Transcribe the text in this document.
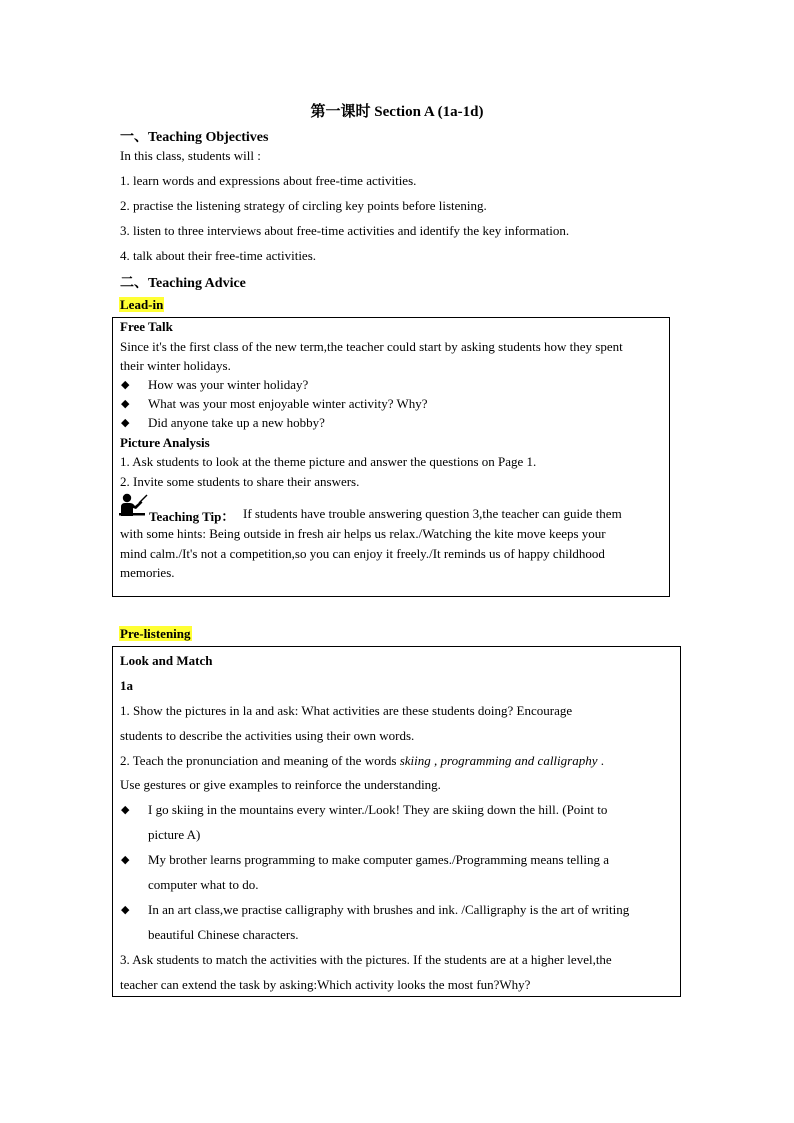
第一课时 Section A (1a-1d)
一、Teaching Objectives
In this class, students will :
1. learn words and expressions about free-time activities.
2. practise the listening strategy of circling key points before listening.
3. listen to three interviews about free-time activities and identify the key information.
4. talk about their free-time activities.
二、Teaching Advice
Lead-in
Free Talk
Since it's the first class of the new term,the teacher could start by asking students how they spent
their winter holidays.
◆ How was your winter holiday?
◆ What was your most enjoyable winter activity? Why?
◆ Did anyone take up a new hobby?
Picture Analysis
1. Ask students to look at the theme picture and answer the questions on Page 1.
2. Invite some students to share their answers.
Teaching Tip： If students have trouble answering question 3,the teacher can guide them
with some hints: Being outside in fresh air helps us relax./Watching the kite move keeps your
mind calm./It's not a competition,so you can enjoy it freely./It reminds us of happy childhood
memories.
Pre-listening
Look and Match
1a
1. Show the pictures in la and ask: What activities are these students doing? Encourage
students to describe the activities using their own words.
2. Teach the pronunciation and meaning of the words skiing , programming and calligraphy .
Use gestures or give examples to reinforce the understanding.
◆ I go skiing in the mountains every winter./Look! They are skiing down the hill. (Point to
picture A)
◆ My brother learns programming to make computer games./Programming means telling a
computer what to do.
◆ In an art class,we practise calligraphy with brushes and ink. /Calligraphy is the art of writing
beautiful Chinese characters.
3. Ask students to match the activities with the pictures. If the students are at a higher level,the
teacher can extend the task by asking:Which activity looks the most fun?Why?
